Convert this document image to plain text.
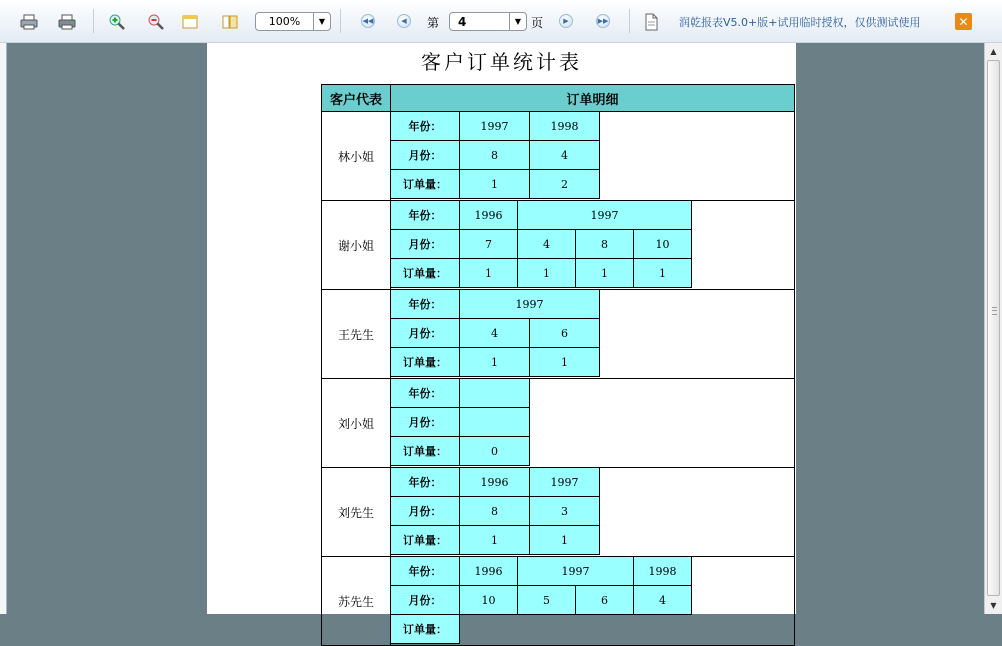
100%	▼	◀◀	◀	第	4	▼ 页	▶	▶▶	润乾报表V5.0+版+试用临时授权，仅供测试使用	✕
客户订单统计表
客户代表	订单明细
林小姐
年份：	1997	1998
月份：	8	4
订单量：	1	2
谢小姐
年份：	1996	1997
月份：	7	4	8	10
订单量：	1	1	1	1
王先生
年份：	1997
月份：	4	6
订单量：	1	1
刘小姐
年份：
月份：
订单量：	0
刘先生
年份：	1996	1997
月份：	8	3
订单量：	1	1
苏先生
年份：	1996	1997	1998
月份：	10	5	6	4
订单量：
▲
▼
